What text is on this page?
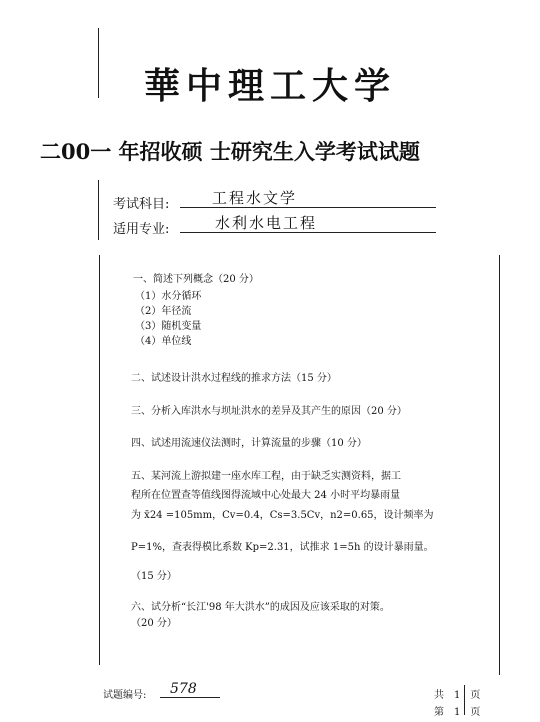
華中理工大学
二00一 年招收硕 士研究生入学考试试题
考试科目:	工程水文学
适用专业:	水利水电工程
一、简述下列概念（20 分）
（1）水分循环
（2）年径流
（3）随机变量
（4）单位线
二、试述设计洪水过程线的推求方法（15 分）
三、分析入库洪水与坝址洪水的差异及其产生的原因（20 分）
四、试述用流速仪法测时，计算流量的步骤（10 分）
五、某河流上游拟建一座水库工程，由于缺乏实测资料，据工
程所在位置查等值线图得流域中心处最大 24 小时平均暴雨量
为 x̄24 =105mm，Cv=0.4，Cs=3.5Cv，n2=0.65，设计频率为
P=1%，查表得模比系数 Kp=2.31，试推求 1=5h 的设计暴雨量。
（15 分）
六、试分析“长江'98 年大洪水”的成因及应该采取的对策。
（20 分）
试题编号: 578	共　1　页
第　1　页
